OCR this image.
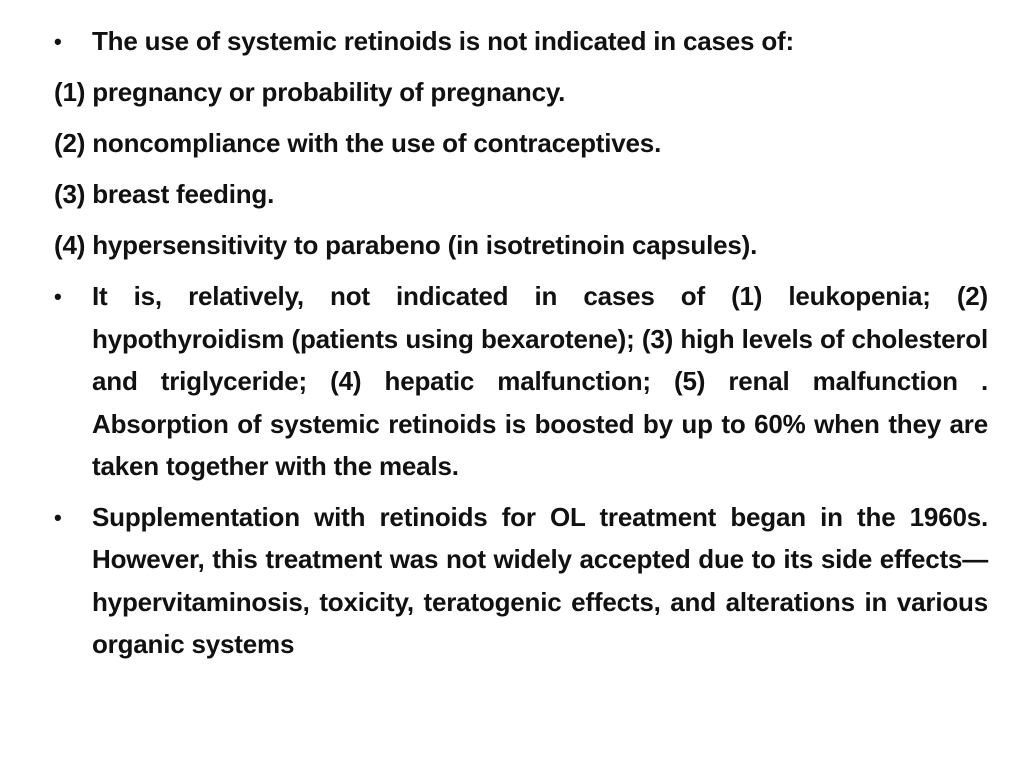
• The use of systemic retinoids is not indicated in cases of:
(1) pregnancy or probability of pregnancy.
(2) noncompliance with the use of contraceptives.
(3) breast feeding.
(4) hypersensitivity to parabeno (in isotretinoin capsules).
• It is, relatively, not indicated in cases of (1) leukopenia; (2) hypothyroidism (patients using bexarotene); (3) high levels of cholesterol and triglyceride; (4) hepatic malfunction; (5) renal malfunction . Absorption of systemic retinoids is boosted by up to 60% when they are taken together with the meals.
• Supplementation with retinoids for OL treatment began in the 1960s. However, this treatment was not widely accepted due to its side effects—hypervitaminosis, toxicity, teratogenic effects, and alterations in various organic systems
